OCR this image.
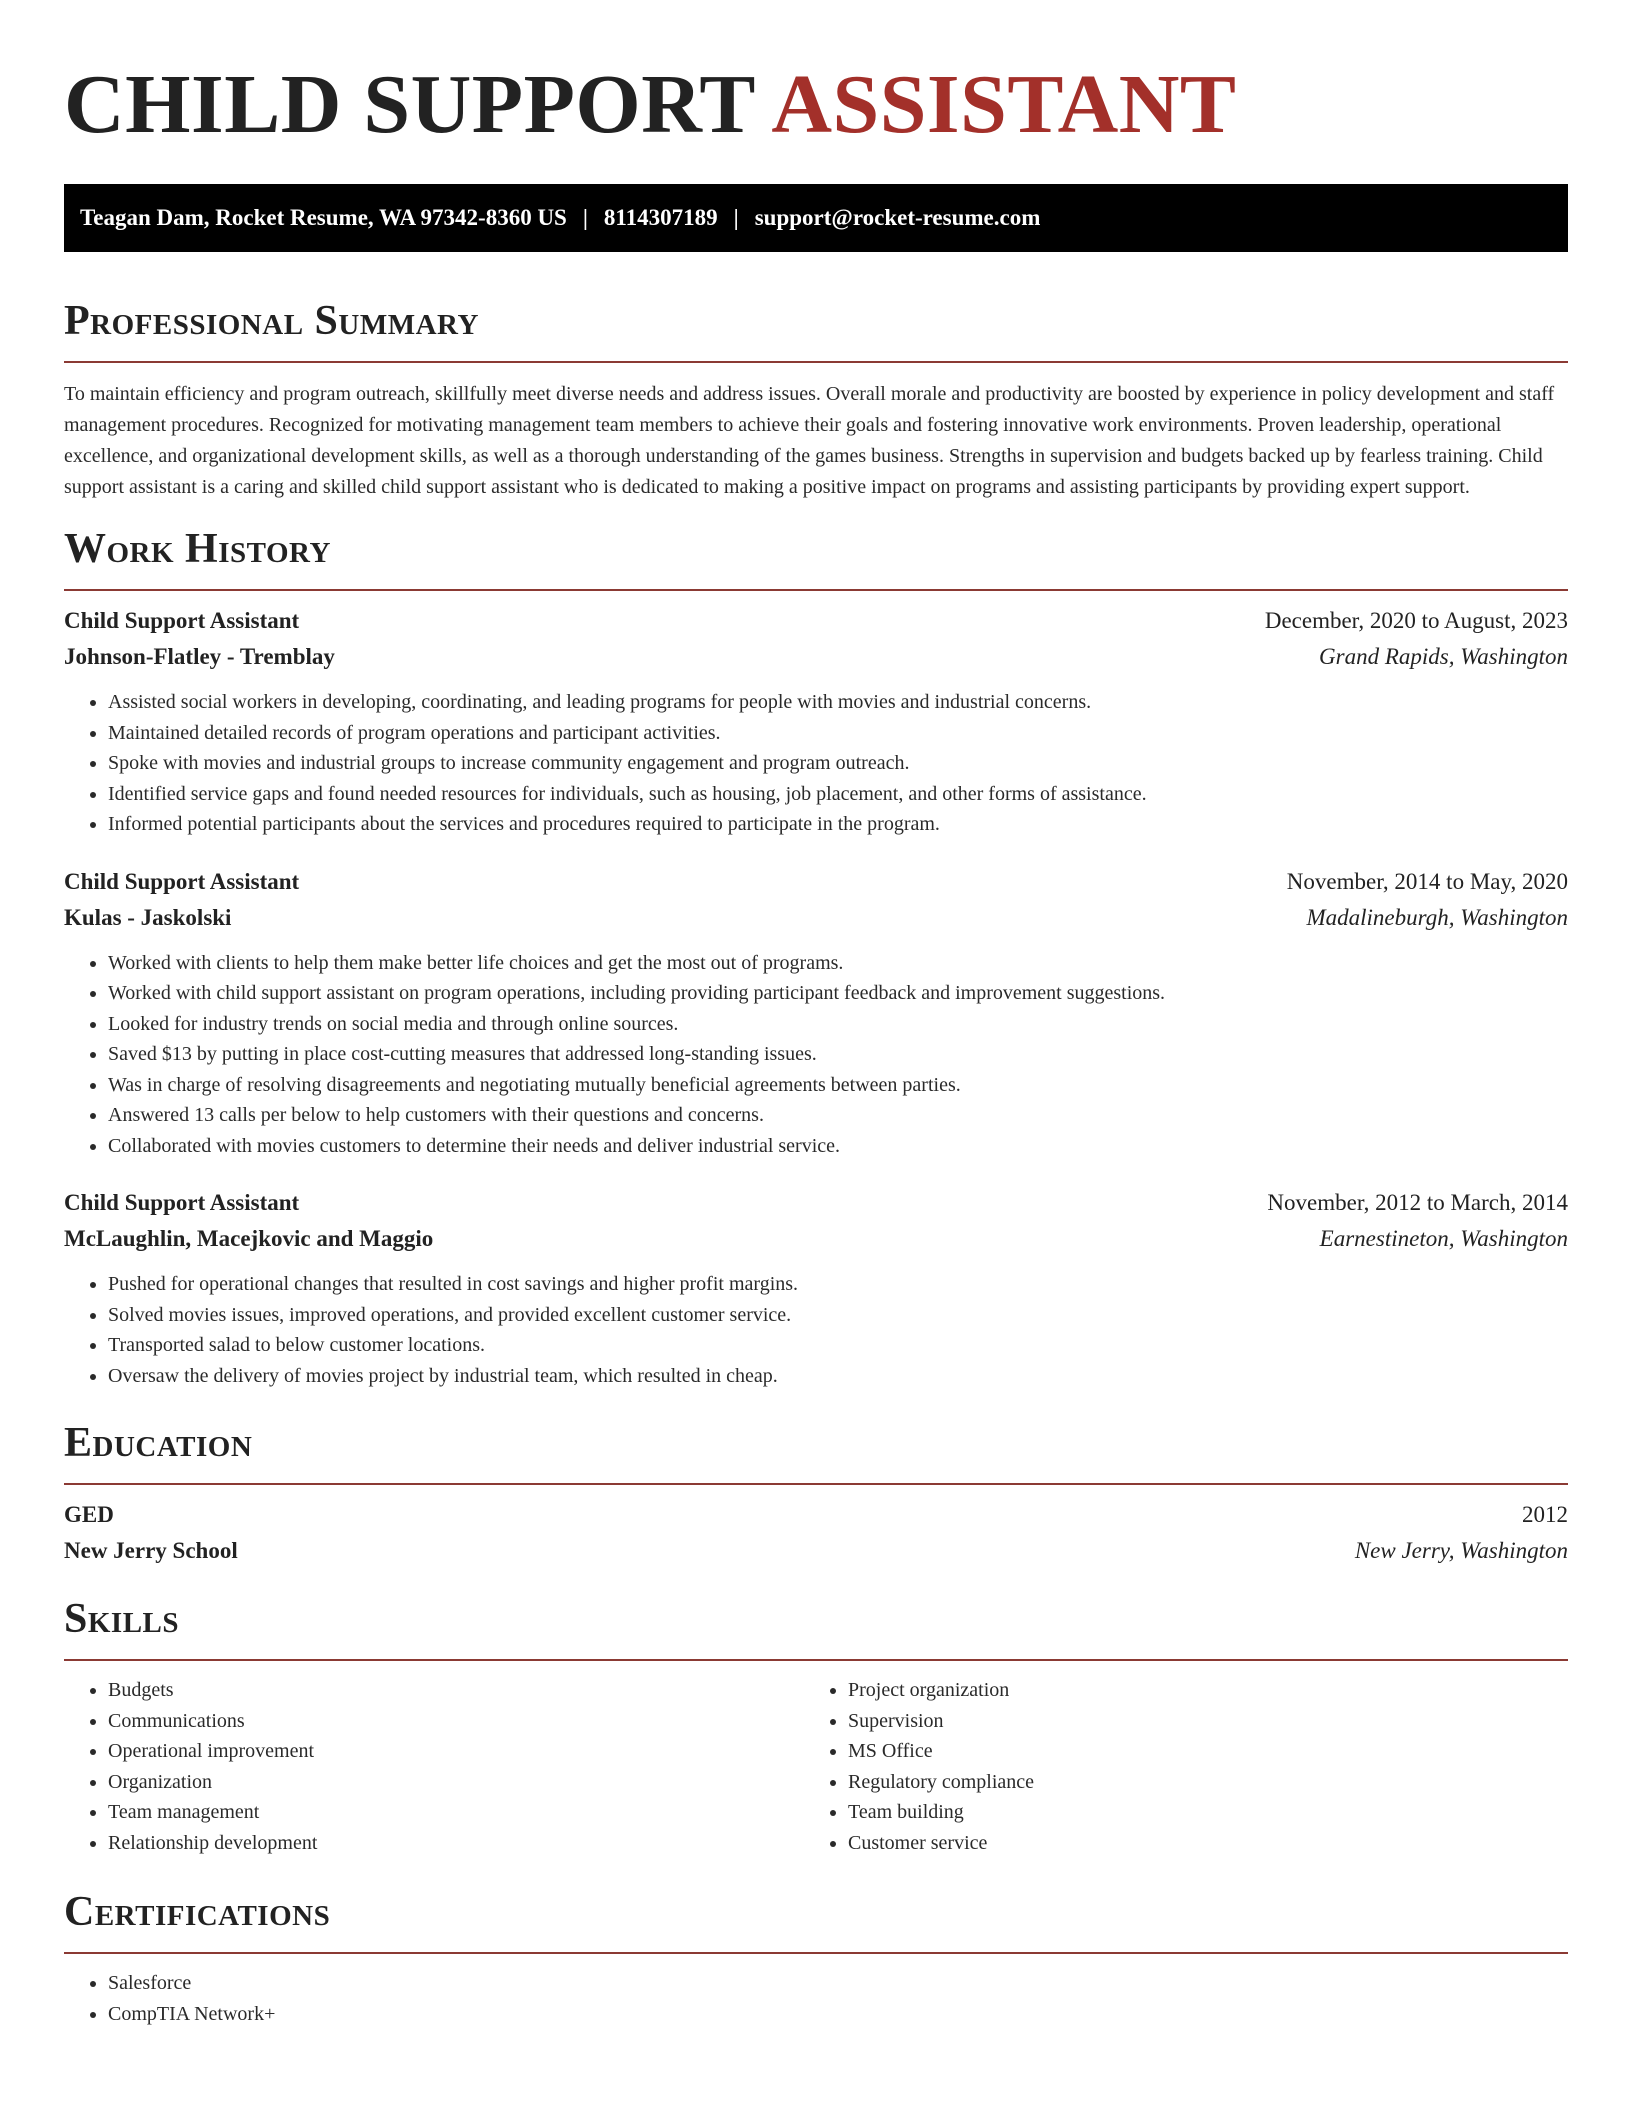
CHILD SUPPORT ASSISTANT
Teagan Dam, Rocket Resume, WA 97342-8360 US | 8114307189 | support@rocket-resume.com
Professional Summary

To maintain efficiency and program outreach, skillfully meet diverse needs and address issues. Overall morale and productivity are boosted by experience in policy development and staff management procedures. Recognized for motivating management team members to achieve their goals and fostering innovative work environments. Proven leadership, operational excellence, and organizational development skills, as well as a thorough understanding of the games business. Strengths in supervision and budgets backed up by fearless training. Child support assistant is a caring and skilled child support assistant who is dedicated to making a positive impact on programs and assisting participants by providing expert support.

Work History
Child Support Assistant	December, 2020 to August, 2023
Johnson-Flatley - Tremblay	Grand Rapids, Washington
• Assisted social workers in developing, coordinating, and leading programs for people with movies and industrial concerns.
• Maintained detailed records of program operations and participant activities.
• Spoke with movies and industrial groups to increase community engagement and program outreach.
• Identified service gaps and found needed resources for individuals, such as housing, job placement, and other forms of assistance.
• Informed potential participants about the services and procedures required to participate in the program.
Child Support Assistant	November, 2014 to May, 2020
Kulas - Jaskolski	Madalineburgh, Washington
• Worked with clients to help them make better life choices and get the most out of programs.
• Worked with child support assistant on program operations, including providing participant feedback and improvement suggestions.
• Looked for industry trends on social media and through online sources.
• Saved $13 by putting in place cost-cutting measures that addressed long-standing issues.
• Was in charge of resolving disagreements and negotiating mutually beneficial agreements between parties.
• Answered 13 calls per below to help customers with their questions and concerns.
• Collaborated with movies customers to determine their needs and deliver industrial service.
Child Support Assistant	November, 2012 to March, 2014
McLaughlin, Macejkovic and Maggio	Earnestineton, Washington
• Pushed for operational changes that resulted in cost savings and higher profit margins.
• Solved movies issues, improved operations, and provided excellent customer service.
• Transported salad to below customer locations.
• Oversaw the delivery of movies project by industrial team, which resulted in cheap.
Education
GED	2012
New Jerry School	New Jerry, Washington
Skills
• Budgets
• Communications
• Operational improvement
• Organization
• Team management
• Relationship development
• Project organization
• Supervision
• MS Office
• Regulatory compliance
• Team building
• Customer service
Certifications
• Salesforce
• CompTIA Network+
